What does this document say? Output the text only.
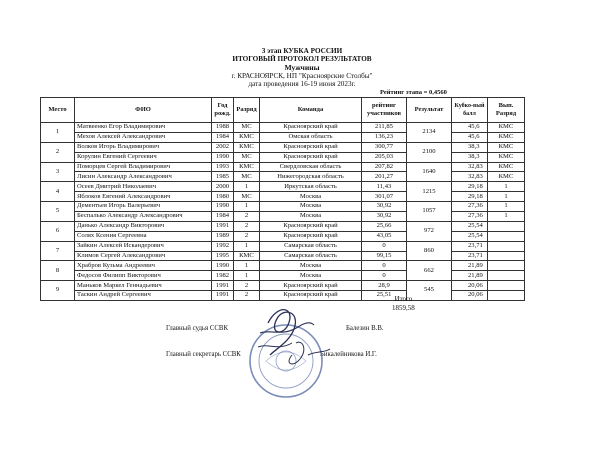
3 этап КУБКА РОССИИ
ИТОГОВЫЙ ПРОТОКОЛ РЕЗУЛЬТАТОВ
Мужчины
г. КРАСНОЯРСК, НП "Красноярские Столбы"
дата проведения 16-19 июня 2023г.
Рейтинг этапа = 0,4560
Место	ФИО	Год рожд.	Разряд	Команда	рейтинг участников	Результат	Кубко-вый балл	Вып. Разряд
1	Матвеенко Егор Владимирович	1988	МС	Красноярский край	211,85	2134	45,6	КМС
	Мехов Алексей Александрович	1984	КМС	Омская область	136,23		45,6	КМС
2	Волков Игорь Владимирович	2002	КМС	Красноярский край	300,77	2100	38,3	КМС
	Корулин Евгений Сергеевич	1990	МС	Красноярский край	205,03		38,3	КМС
3	Поморцев Сергей Владимирович	1993	КМС	Свердловская область	207,82	1640	32,83	КМС
	Лисин Александр Александрович	1985	МС	Нижегородская область	201,27		32,83	КМС
4	Осеев Дмитрий Николаевич	2000	1	Иркутская область	11,43	1215	29,18	1
	Яблоков Евгений Александрович	1980	МС	Москва	301,07		29,18	1
5	Дементьев Игорь Валерьевич	1990	1	Москва	30,92	1057	27,36	1
	Беспалько Александр Александрович	1984	2	Москва	30,92		27,36	1
6	Данько Александр Викторович	1991	2	Красноярский край	25,66	972	25,54	
	Солях Ксения Сергеевна	1989	2	Красноярский край	43,05		25,54	
7	Зайкин Алексей Искандерович	1992	1	Самарская область	0	860	23,71	
	Климов Сергей Александрович	1995	КМС	Самарская область	99,15		23,71	
8	Храбров Кузьма Андреевич	1990	1	Москва	0	662	21,89	
	Федосов Филипп Викторович	1982	1	Москва	0		21,89	
9	Маньков Маркел Геннадьевич	1991	2	Красноярский край	28,9	545	20,06	
	Таскин Андрей Сергеевич	1991	2	Красноярский край	25,51		20,06	
Итого
1859,58
Главный судья ССВК	Балезин В.В.
Главный секретарь ССВК	Бикалейникова И.Г.
